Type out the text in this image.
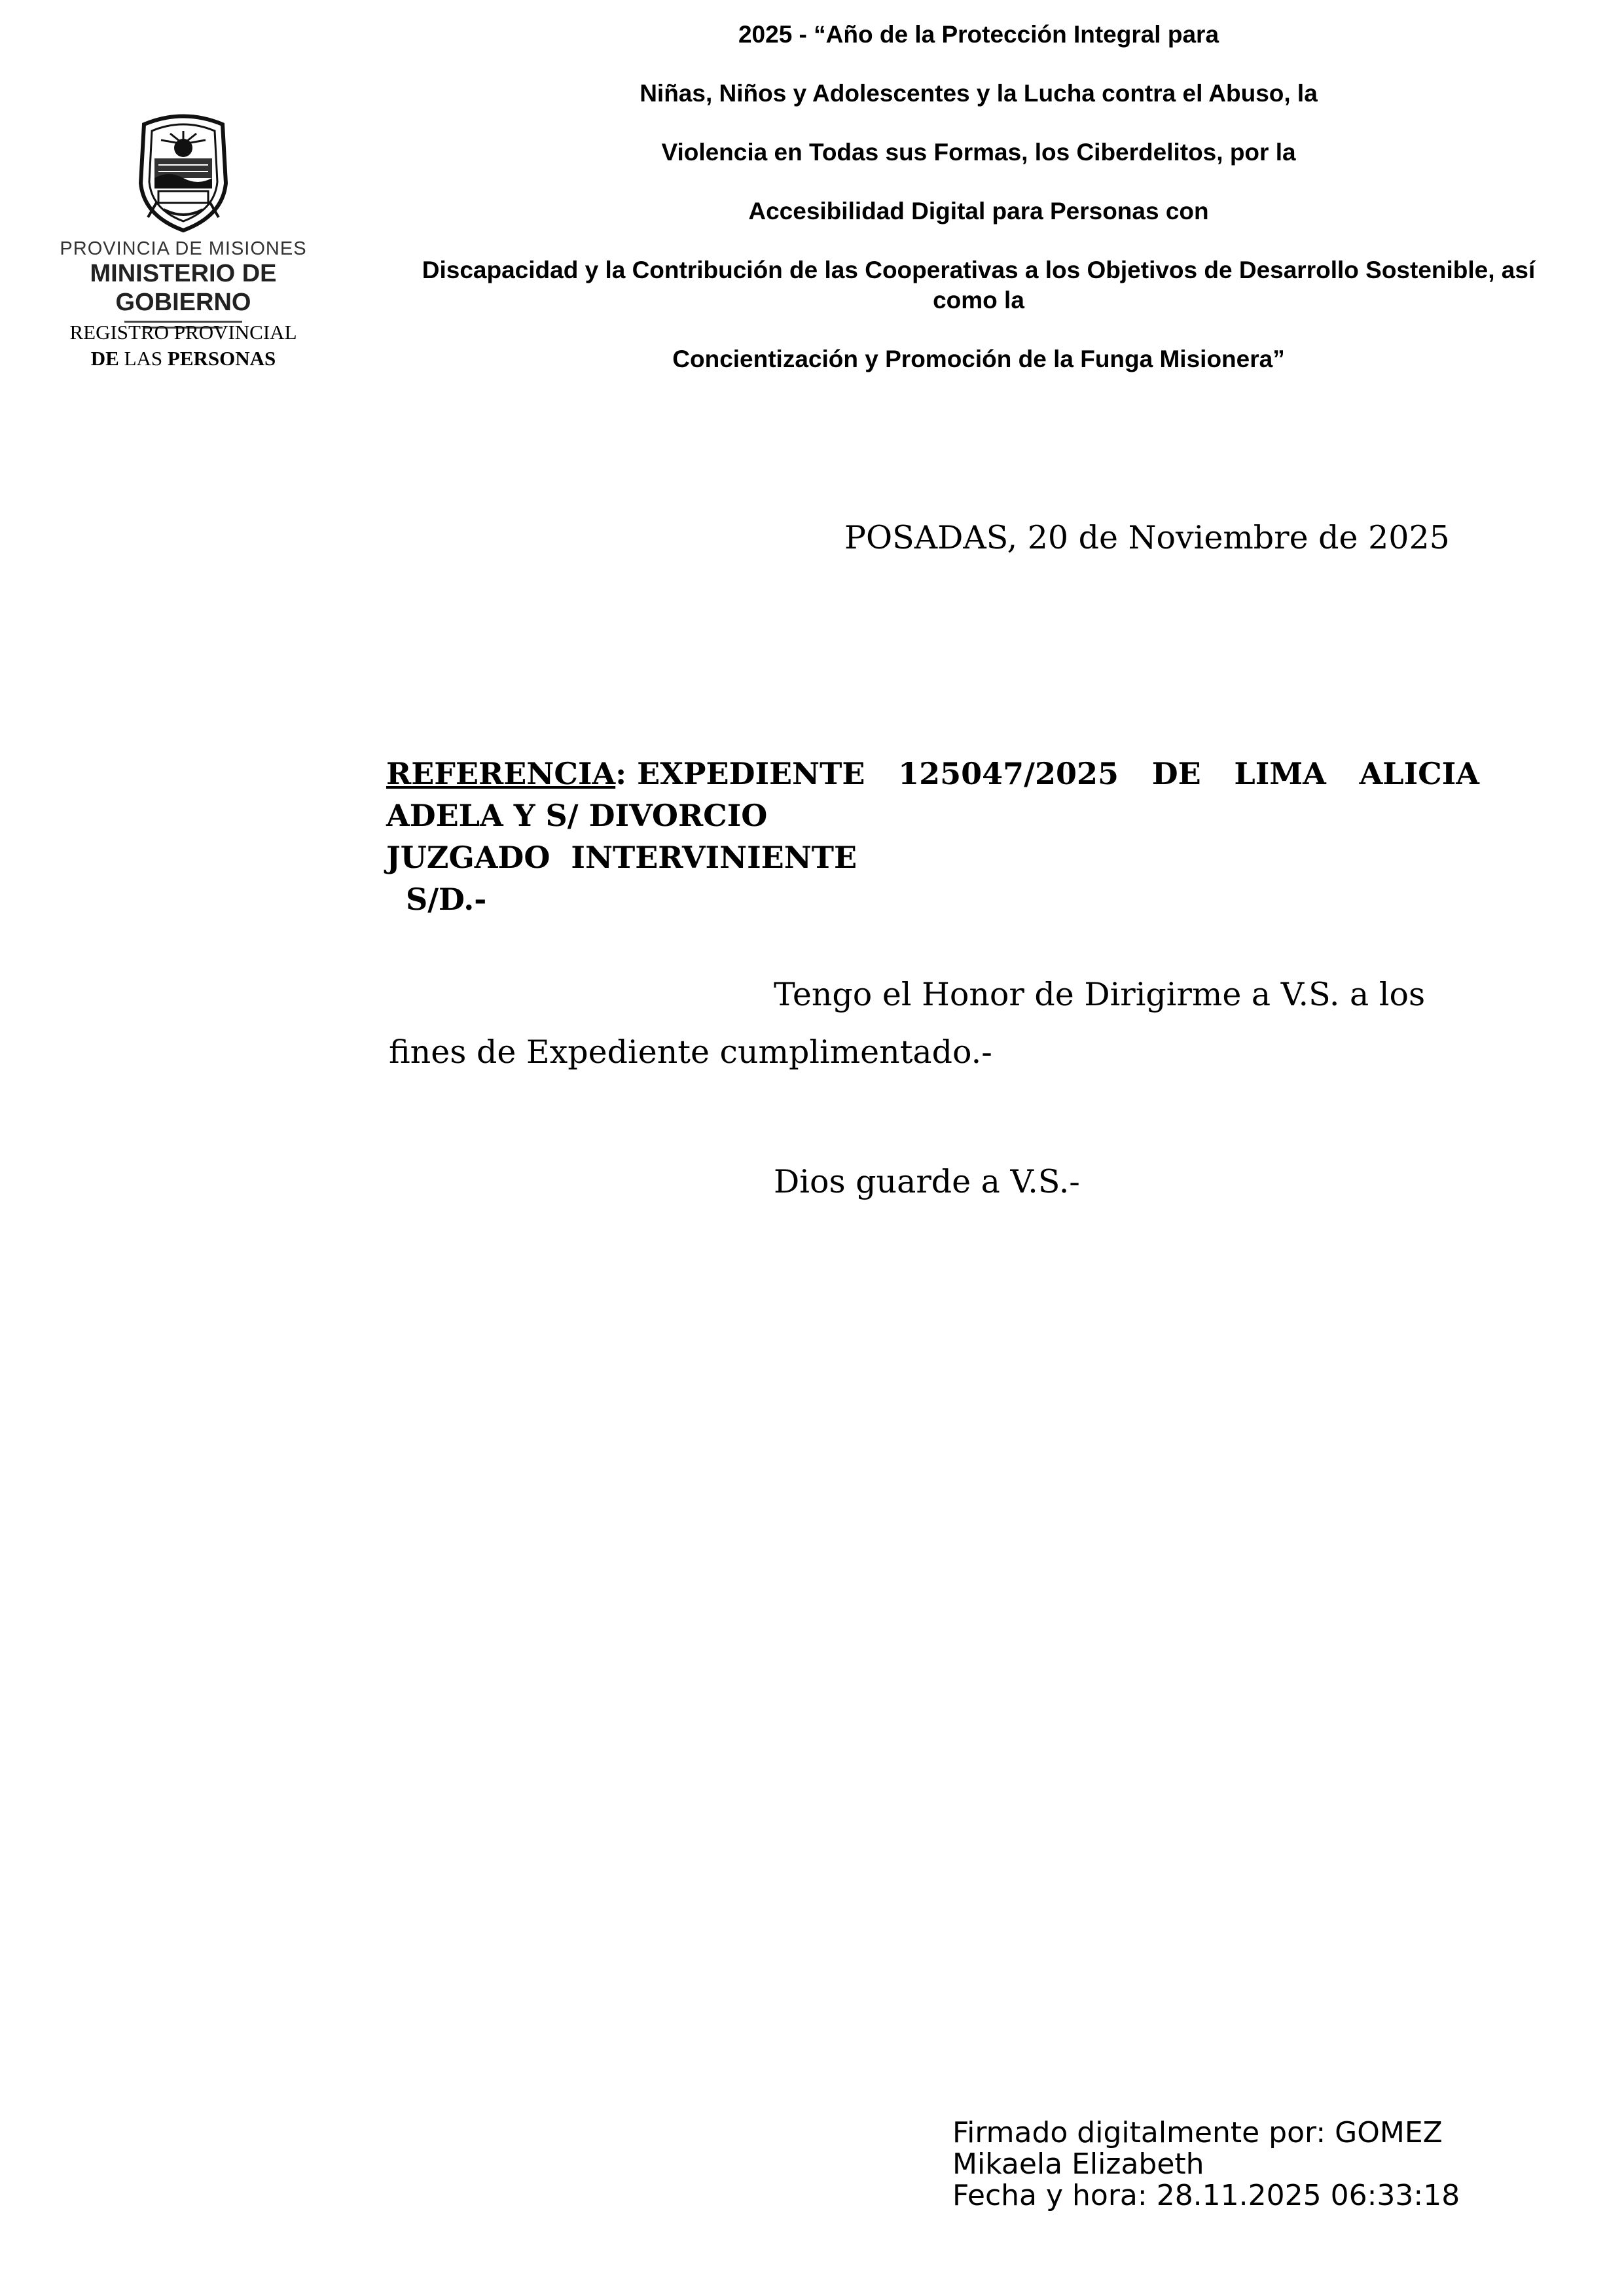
PROVINCIA DE MISIONES
MINISTERIO DE GOBIERNO
REGISTRO PROVINCIAL
DE LAS PERSONAS
2025 - “Año de la Protección Integral para
Niñas, Niños y Adolescentes y la Lucha contra el Abuso, la
Violencia en Todas sus Formas, los Ciberdelitos, por la
Accesibilidad Digital para Personas con
Discapacidad y la Contribución de las Cooperativas a los Objetivos de Desarrollo Sostenible, así
como la
Concientización y Promoción de la Funga Misionera”
POSADAS, 20 de Noviembre de 2025
REFERENCIA: EXPEDIENTE 125047/2025 DE LIMA ALICIA
ADELA Y S/ DIVORCIO
JUZGADO  INTERVINIENTE
S/D.-
Tengo el Honor de Dirigirme a V.S. a los
fines de Expediente cumplimentado.-
Dios guarde a V.S.-
Firmado digitalmente por: GOMEZ
Mikaela Elizabeth
Fecha y hora: 28.11.2025 06:33:18
